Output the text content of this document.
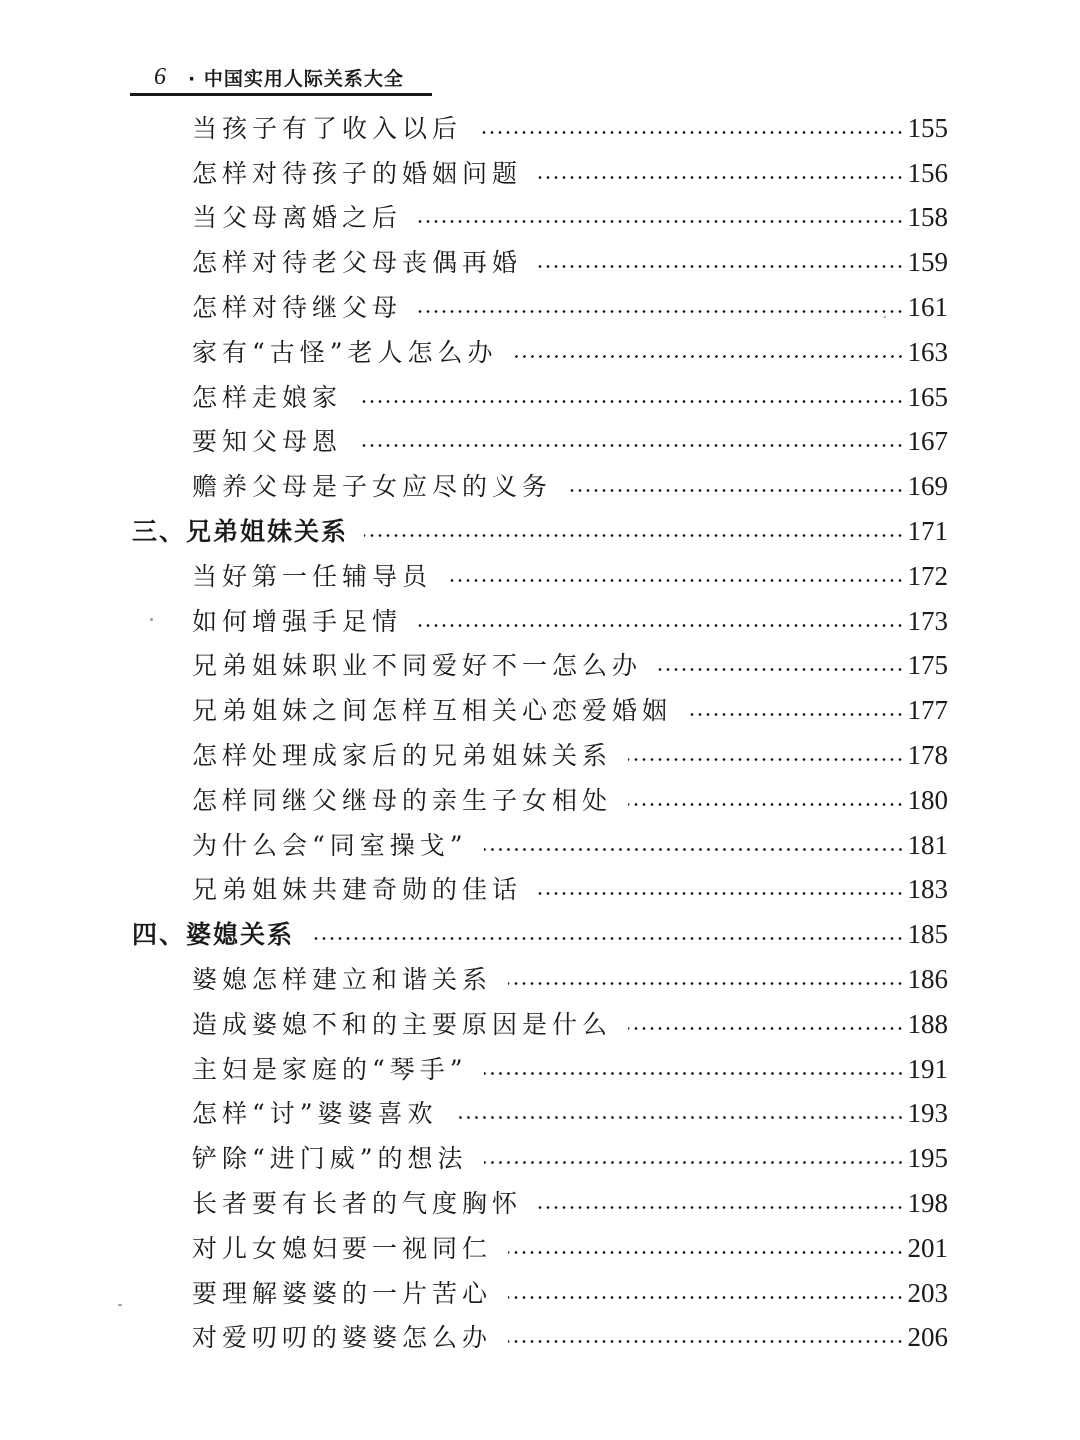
6 · 中国实用人际关系大全
当孩子有了收入以后	155
怎样对待孩子的婚姻问题	156
当父母离婚之后	158
怎样对待老父母丧偶再婚	159
怎样对待继父母	161
家有“古怪”老人怎么办	163
怎样走娘家	165
要知父母恩	167
赡养父母是子女应尽的义务	169
三、兄弟姐妹关系	171
当好第一任辅导员	172
如何增强手足情	173
兄弟姐妹职业不同爱好不一怎么办	175
兄弟姐妹之间怎样互相关心恋爱婚姻	177
怎样处理成家后的兄弟姐妹关系	178
怎样同继父继母的亲生子女相处	180
为什么会“同室操戈”	181
兄弟姐妹共建奇勋的佳话	183
四、婆媳关系	185
婆媳怎样建立和谐关系	186
造成婆媳不和的主要原因是什么	188
主妇是家庭的“琴手”	191
怎样“讨”婆婆喜欢	193
铲除“进门威”的想法	195
长者要有长者的气度胸怀	198
对儿女媳妇要一视同仁	201
要理解婆婆的一片苦心	203
对爱叨叨的婆婆怎么办	206
